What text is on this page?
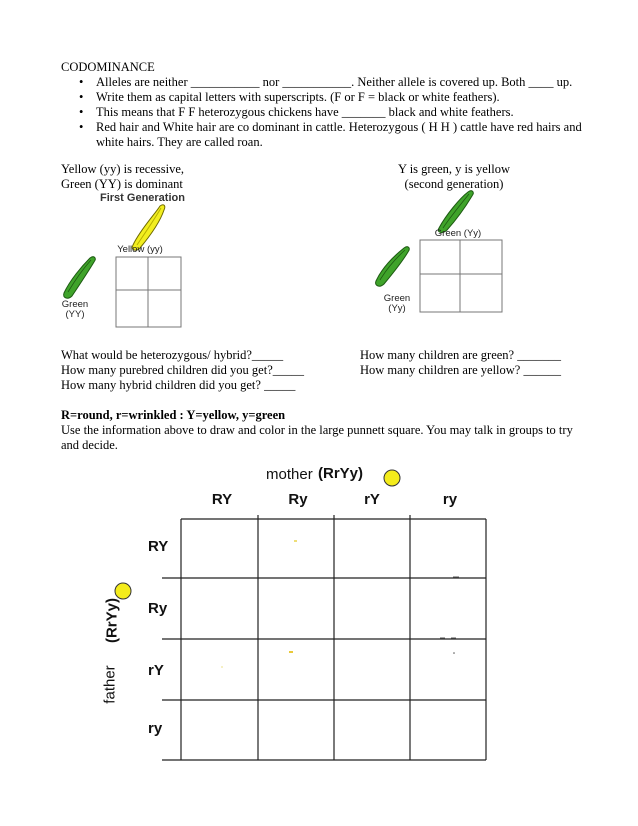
CODOMINANCE
• Alleles are neither ___________ nor ___________. Neither allele is covered up. Both ____ up.
• Write them as capital letters with superscripts. (F or F = black or white feathers).
• This means that F F heterozygous chickens have _______ black and white feathers.
• Red hair and White hair are co dominant in cattle. Heterozygous ( H H ) cattle have red hairs and white hairs. They are called roan.
Yellow (yy) is recessive,
Green (YY) is dominant
Y is green, y is yellow
(second generation)
First Generation
Yellow (yy)
Green
(YY)
Green (Yy)
Green
(Yy)
What would be heterozygous/ hybrid?_____
How many purebred children did you get?_____
How many hybrid children did you get? _____
How many children are green? _______
How many children are yellow? ______
R=round, r=wrinkled : Y=yellow, y=green
Use the information above to draw and color in the large punnett square. You may talk in groups to try and decide.
mother (RrYy)
RY	Ry	rY	ry
RY
Ry
rY
ry
father
(RrYy)
